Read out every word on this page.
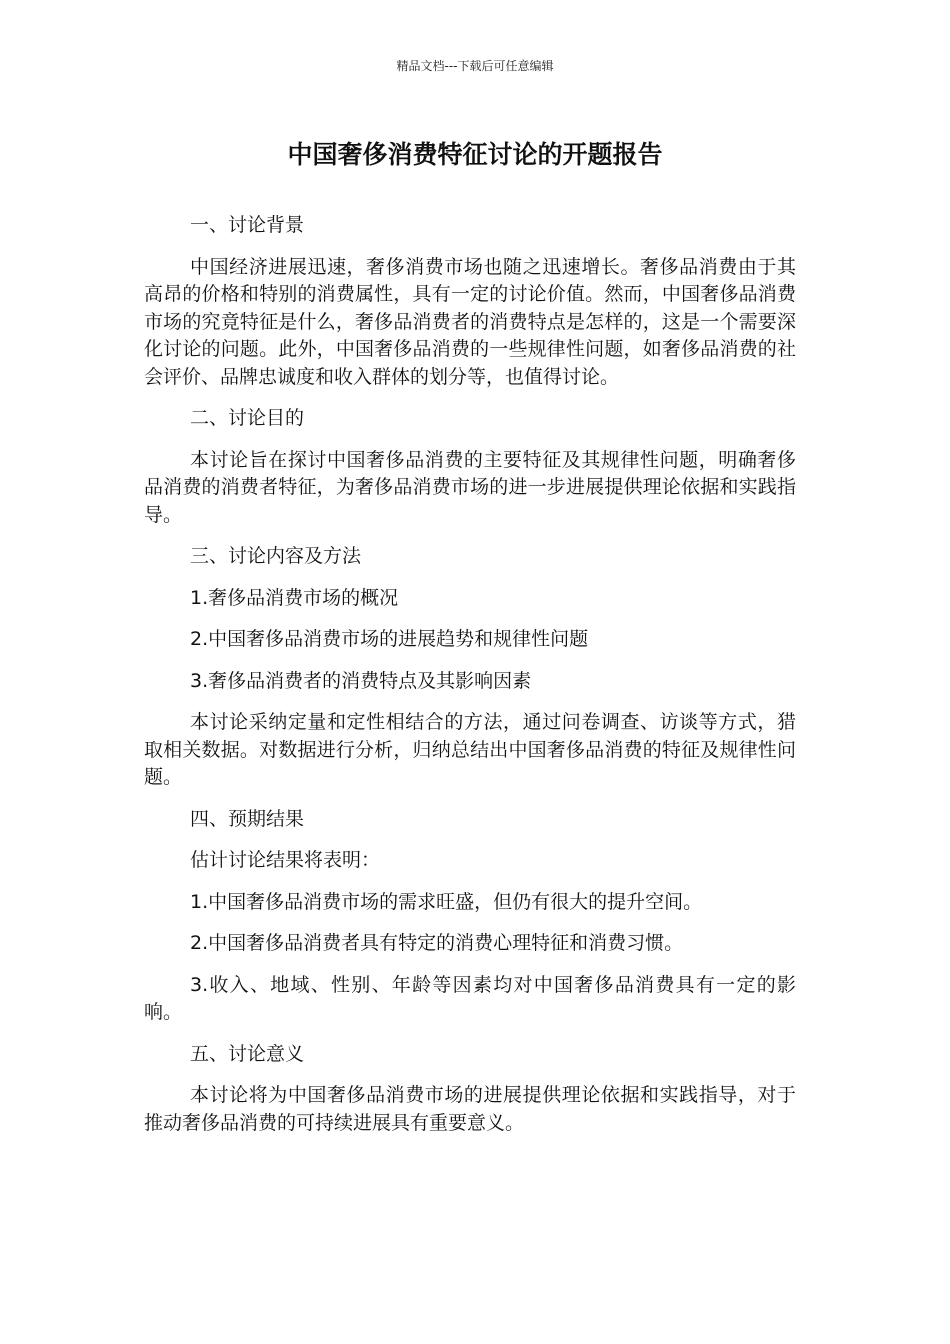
精品文档---下载后可任意编辑
中国奢侈消费特征讨论的开题报告

一、讨论背景

中国经济进展迅速，奢侈消费市场也随之迅速增长。奢侈品消费由于其高昂的价格和特别的消费属性，具有一定的讨论价值。然而，中国奢侈品消费市场的究竟特征是什么，奢侈品消费者的消费特点是怎样的，这是一个需要深化讨论的问题。此外，中国奢侈品消费的一些规律性问题，如奢侈品消费的社会评价、品牌忠诚度和收入群体的划分等，也值得讨论。

二、讨论目的

本讨论旨在探讨中国奢侈品消费的主要特征及其规律性问题，明确奢侈品消费的消费者特征，为奢侈品消费市场的进一步进展提供理论依据和实践指导。

三、讨论内容及方法

1.奢侈品消费市场的概况

2.中国奢侈品消费市场的进展趋势和规律性问题

3.奢侈品消费者的消费特点及其影响因素

本讨论采纳定量和定性相结合的方法，通过问卷调查、访谈等方式，猎取相关数据。对数据进行分析，归纳总结出中国奢侈品消费的特征及规律性问题。

四、预期结果

估计讨论结果将表明：

1.中国奢侈品消费市场的需求旺盛，但仍有很大的提升空间。

2.中国奢侈品消费者具有特定的消费心理特征和消费习惯。

3.收入、地域、性别、年龄等因素均对中国奢侈品消费具有一定的影响。

五、讨论意义

本讨论将为中国奢侈品消费市场的进展提供理论依据和实践指导，对于推动奢侈品消费的可持续进展具有重要意义。
